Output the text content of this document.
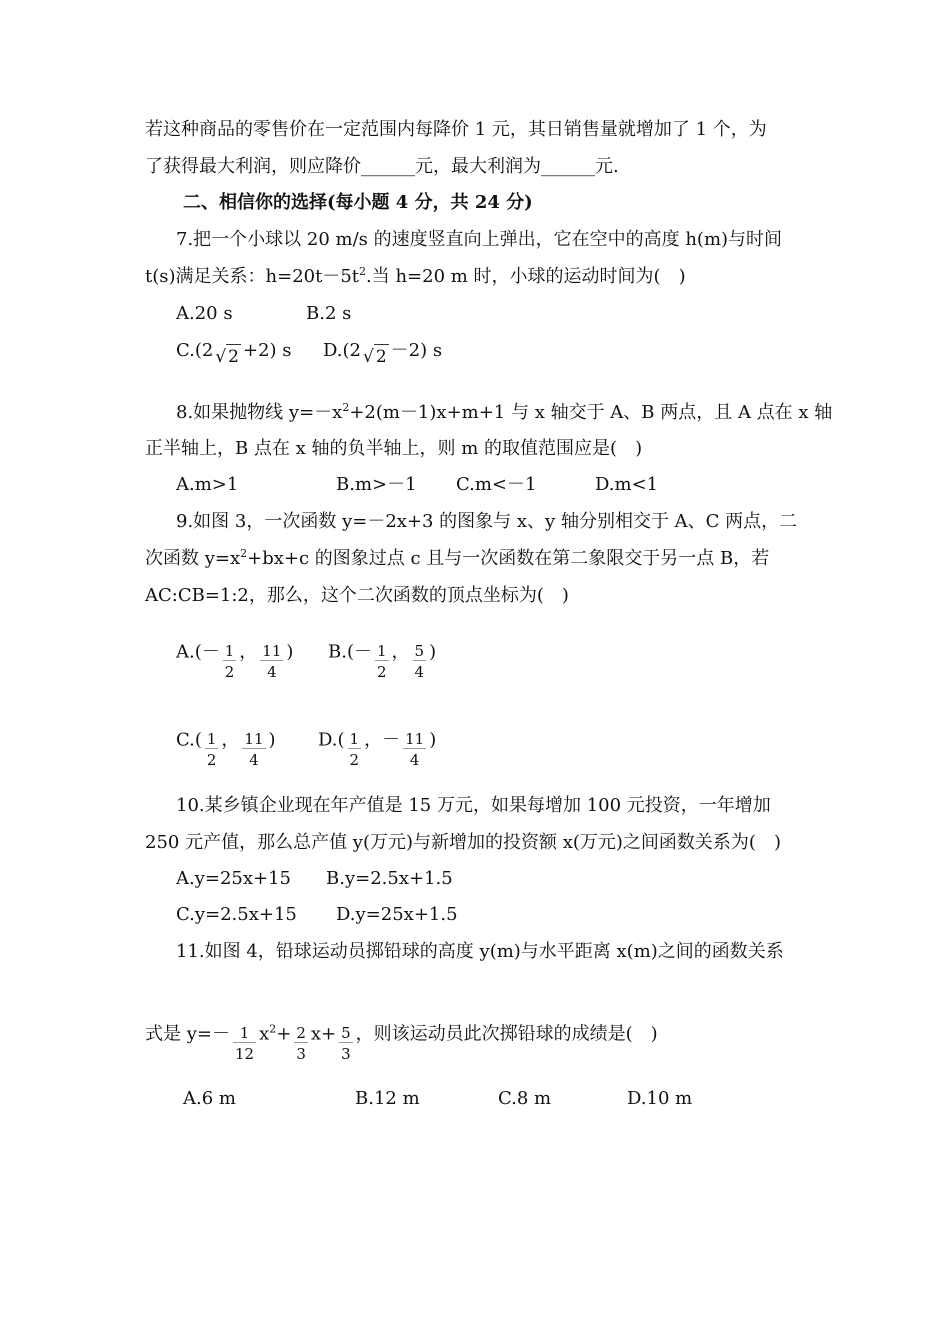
若这种商品的零售价在一定范围内每降价 1 元，其日销售量就增加了 1 个，为
了获得最大利润，则应降价______元，最大利润为______元.
二、相信你的选择(每小题 4 分，共 24 分)
7.把一个小球以 20 m/s 的速度竖直向上弹出，它在空中的高度 h(m)与时间
t(s)满足关系：$h=20t-5t^2$.当 h=20 m 时，小球的运动时间为(　)
A.20 s	B.2 s
C.(2 √ 2 +2) s D.(2 √ 2 －2) s
8.如果抛物线 $y=-x^2+2(m-1)x+m+1$ 与 x 轴交于 A、B 两点，且 A 点在 x 轴
正半轴上，B 点在 x 轴的负半轴上，则 m 的取值范围应是(　)
A.m>1	B.m>－1 C.m<－1	D.m<1
9.如图 3，一次函数 y=－2x+3 的图象与 x、y 轴分别相交于 A、C 两点，二
次函数 $y=x^2+bx+c$ 的图象过点 c 且与一次函数在第二象限交于另一点 B，若
AC:CB=1:2，那么，这个二次函数的顶点坐标为(　)
$A.(- \frac{1}{2}$ ， $\frac{11}{4}$ ) $B.(- \frac{1}{2}$ ， $\frac{5}{4}$ )
$C.( \frac{1}{2}$ ， $\frac{11}{4}$ ) $D.( \frac{1}{2}$ ，－ $\frac{11}{4}$ )
10.某乡镇企业现在年产值是 15 万元，如果每增加 100 元投资，一年增加
250 元产值，那么总产值 y(万元)与新增加的投资额 x(万元)之间函数关系为(　)
A.y=25x+15 B.y=2.5x+1.5
C.y=2.5x+15 D.y=25x+1.5
11.如图 4，铅球运动员掷铅球的高度 y(m)与水平距离 x(m)之间的函数关系
式是 $y=- \frac{1}{12} x^2+ \frac{2}{3} x+ \frac{5}{3}$ ，则该运动员此次掷铅球的成绩是(　)
A.6 m	B.12 m	C.8 m	D.10 m
